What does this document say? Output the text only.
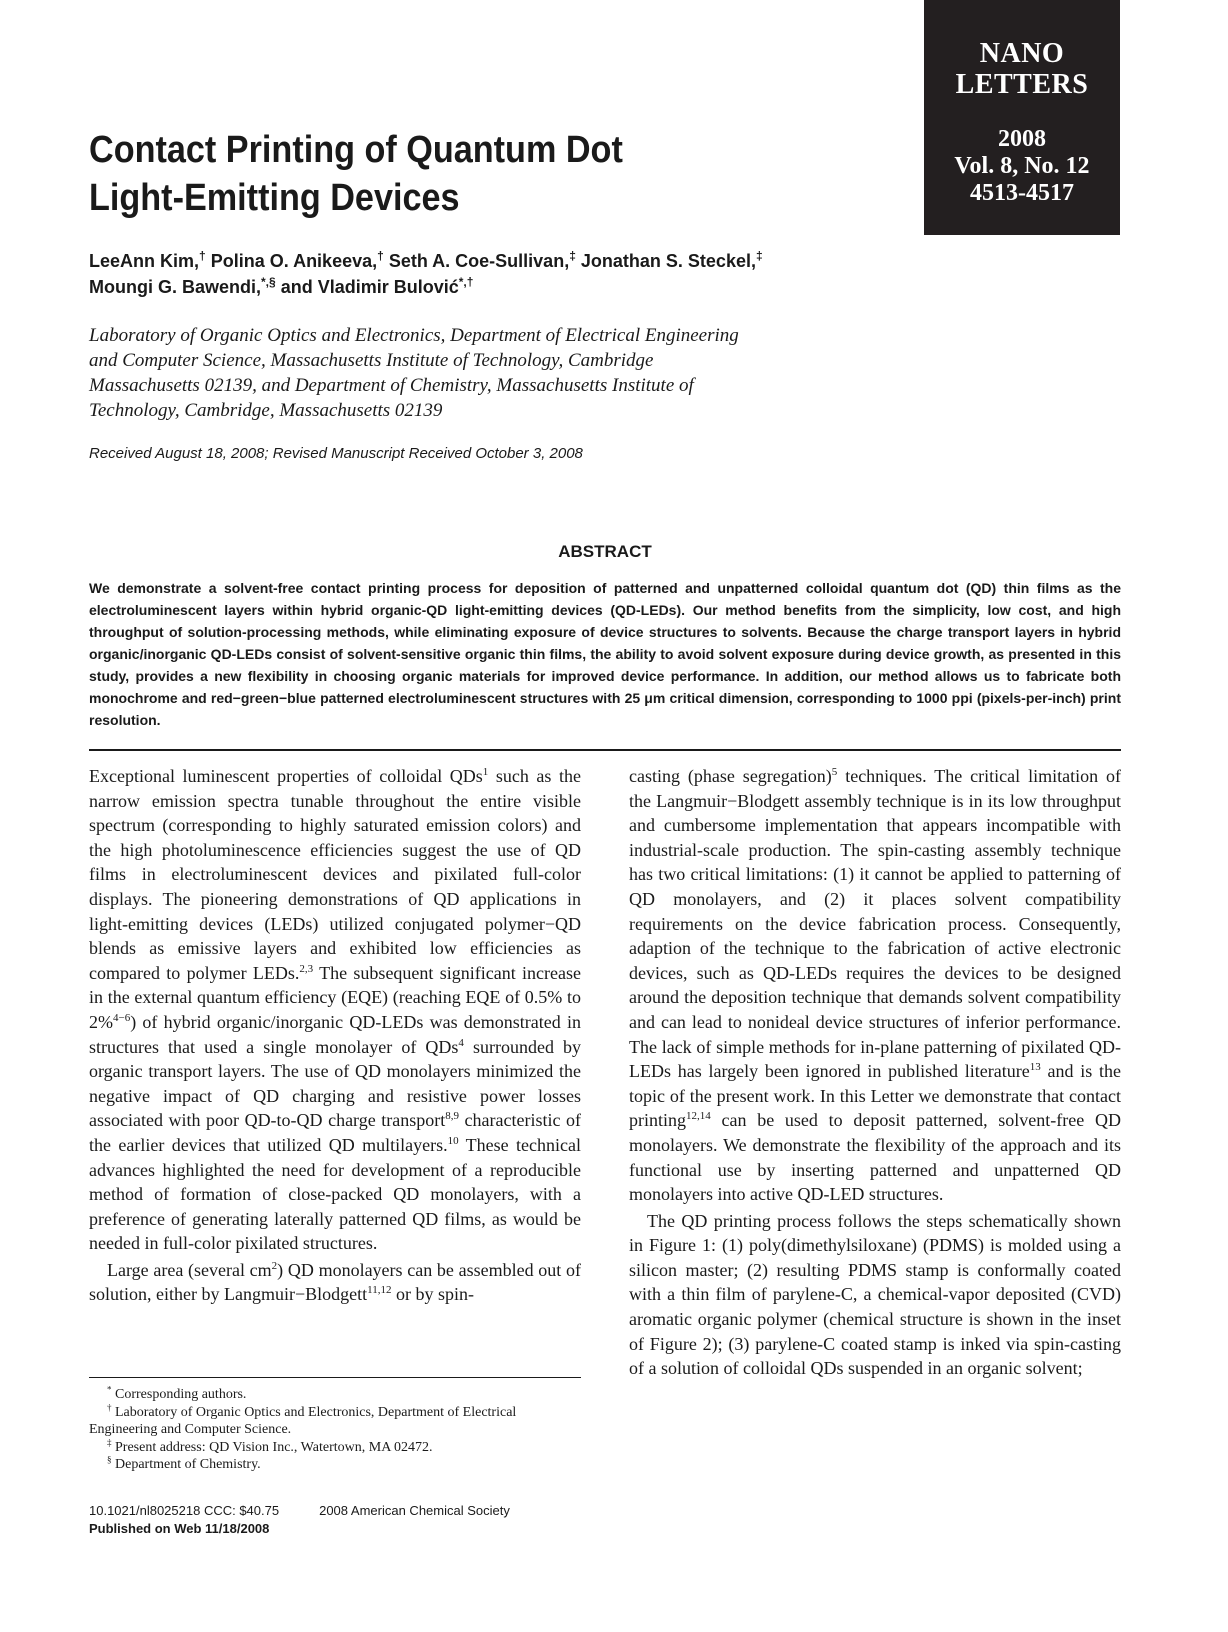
NANO
LETTERS
2008
Vol. 8, No. 12
4513-4517
Contact Printing of Quantum Dot
Light-Emitting Devices
LeeAnn Kim,† Polina O. Anikeeva,† Seth A. Coe-Sullivan,‡ Jonathan S. Steckel,‡
Moungi G. Bawendi,*,§ and Vladimir Bulović*,†
Laboratory of Organic Optics and Electronics, Department of Electrical Engineering
and Computer Science, Massachusetts Institute of Technology, Cambridge
Massachusetts 02139, and Department of Chemistry, Massachusetts Institute of
Technology, Cambridge, Massachusetts 02139
Received August 18, 2008; Revised Manuscript Received October 3, 2008
ABSTRACT
We demonstrate a solvent-free contact printing process for deposition of patterned and unpatterned colloidal quantum dot (QD) thin films as the electroluminescent layers within hybrid organic-QD light-emitting devices (QD-LEDs). Our method benefits from the simplicity, low cost, and high throughput of solution-processing methods, while eliminating exposure of device structures to solvents. Because the charge transport layers in hybrid organic/inorganic QD-LEDs consist of solvent-sensitive organic thin films, the ability to avoid solvent exposure during device growth, as presented in this study, provides a new flexibility in choosing organic materials for improved device performance. In addition, our method allows us to fabricate both monochrome and red−green−blue patterned electroluminescent structures with 25 μm critical dimension, corresponding to 1000 ppi (pixels-per-inch) print resolution.

Exceptional luminescent properties of colloidal QDs$^1$ such as the narrow emission spectra tunable throughout the entire visible spectrum (corresponding to highly saturated emission colors) and the high photoluminescence efficiencies suggest the use of QD films in electroluminescent devices and pixilated full-color displays. The pioneering demonstrations of QD applications in light-emitting devices (LEDs) utilized conjugated polymer−QD blends as emissive layers and exhibited low efficiencies as compared to polymer LEDs.$^{2,3}$ The subsequent significant increase in the external quantum efficiency (EQE) (reaching EQE of 0.5% to 2%$^{4-6}$) of hybrid organic/inorganic QD-LEDs was demonstrated in structures that used a single monolayer of QDs$^4$ surrounded by organic transport layers. The use of QD monolayers minimized the negative impact of QD charging and resistive power losses associated with poor QD-to-QD charge transport$^{8,9}$ characteristic of the earlier devices that utilized QD multilayers.$^{10}$ These technical advances highlighted the need for development of a reproducible method of formation of close-packed QD monolayers, with a preference of generating laterally patterned QD films, as would be needed in full-color pixilated structures.

Large area (several $cm^2$) QD monolayers can be assembled out of solution, either by Langmuir−Blodgett$^{11,12}$ or by spin-

casting (phase segregation)$^5$ techniques. The critical limitation of the Langmuir−Blodgett assembly technique is in its low throughput and cumbersome implementation that appears incompatible with industrial-scale production. The spin-casting assembly technique has two critical limitations: (1) it cannot be applied to patterning of QD monolayers, and (2) it places solvent compatibility requirements on the device fabrication process. Consequently, adaption of the technique to the fabrication of active electronic devices, such as QD-LEDs requires the devices to be designed around the deposition technique that demands solvent compatibility and can lead to nonideal device structures of inferior performance. The lack of simple methods for in-plane patterning of pixilated QD-LEDs has largely been ignored in published literature$^{13}$ and is the topic of the present work. In this Letter we demonstrate that contact printing$^{12,14}$ can be used to deposit patterned, solvent-free QD monolayers. We demonstrate the flexibility of the approach and its functional use by inserting patterned and unpatterned QD monolayers into active QD-LED structures.

The QD printing process follows the steps schematically shown in Figure 1: (1) poly(dimethylsiloxane) (PDMS) is molded using a silicon master; (2) resulting PDMS stamp is conformally coated with a thin film of parylene-C, a chemical-vapor deposited (CVD) aromatic organic polymer (chemical structure is shown in the inset of Figure 2); (3) parylene-C coated stamp is inked via spin-casting of a solution of colloidal QDs suspended in an organic solvent;

* Corresponding authors.

† Laboratory of Organic Optics and Electronics, Department of Electrical Engineering and Computer Science.

‡ Present address: QD Vision Inc., Watertown, MA 02472.

§ Department of Chemistry.

10.1021/nl8025218 CCC: $40.75	2008 American Chemical Society
Published on Web 11/18/2008
